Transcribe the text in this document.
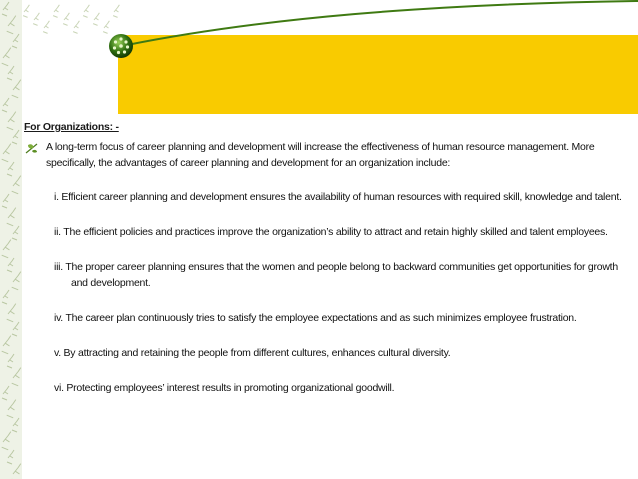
For Organizations: -
A long-term focus of career planning and development will increase the effectiveness of human resource management. More specifically, the advantages of career planning and development for an organization include:
i. Efficient career planning and development ensures the availability of human resources with required skill, knowledge and talent.
ii. The efficient policies and practices improve the organization’s ability to attract and retain highly skilled and talent employees.
iii. The proper career planning ensures that the women and people belong to backward communities get opportunities for growth and development.
iv. The career plan continuously tries to satisfy the employee expectations and as such minimizes employee frustration.
v. By attracting and retaining the people from different cultures, enhances cultural diversity.
vi. Protecting employees’ interest results in promoting organizational goodwill.
